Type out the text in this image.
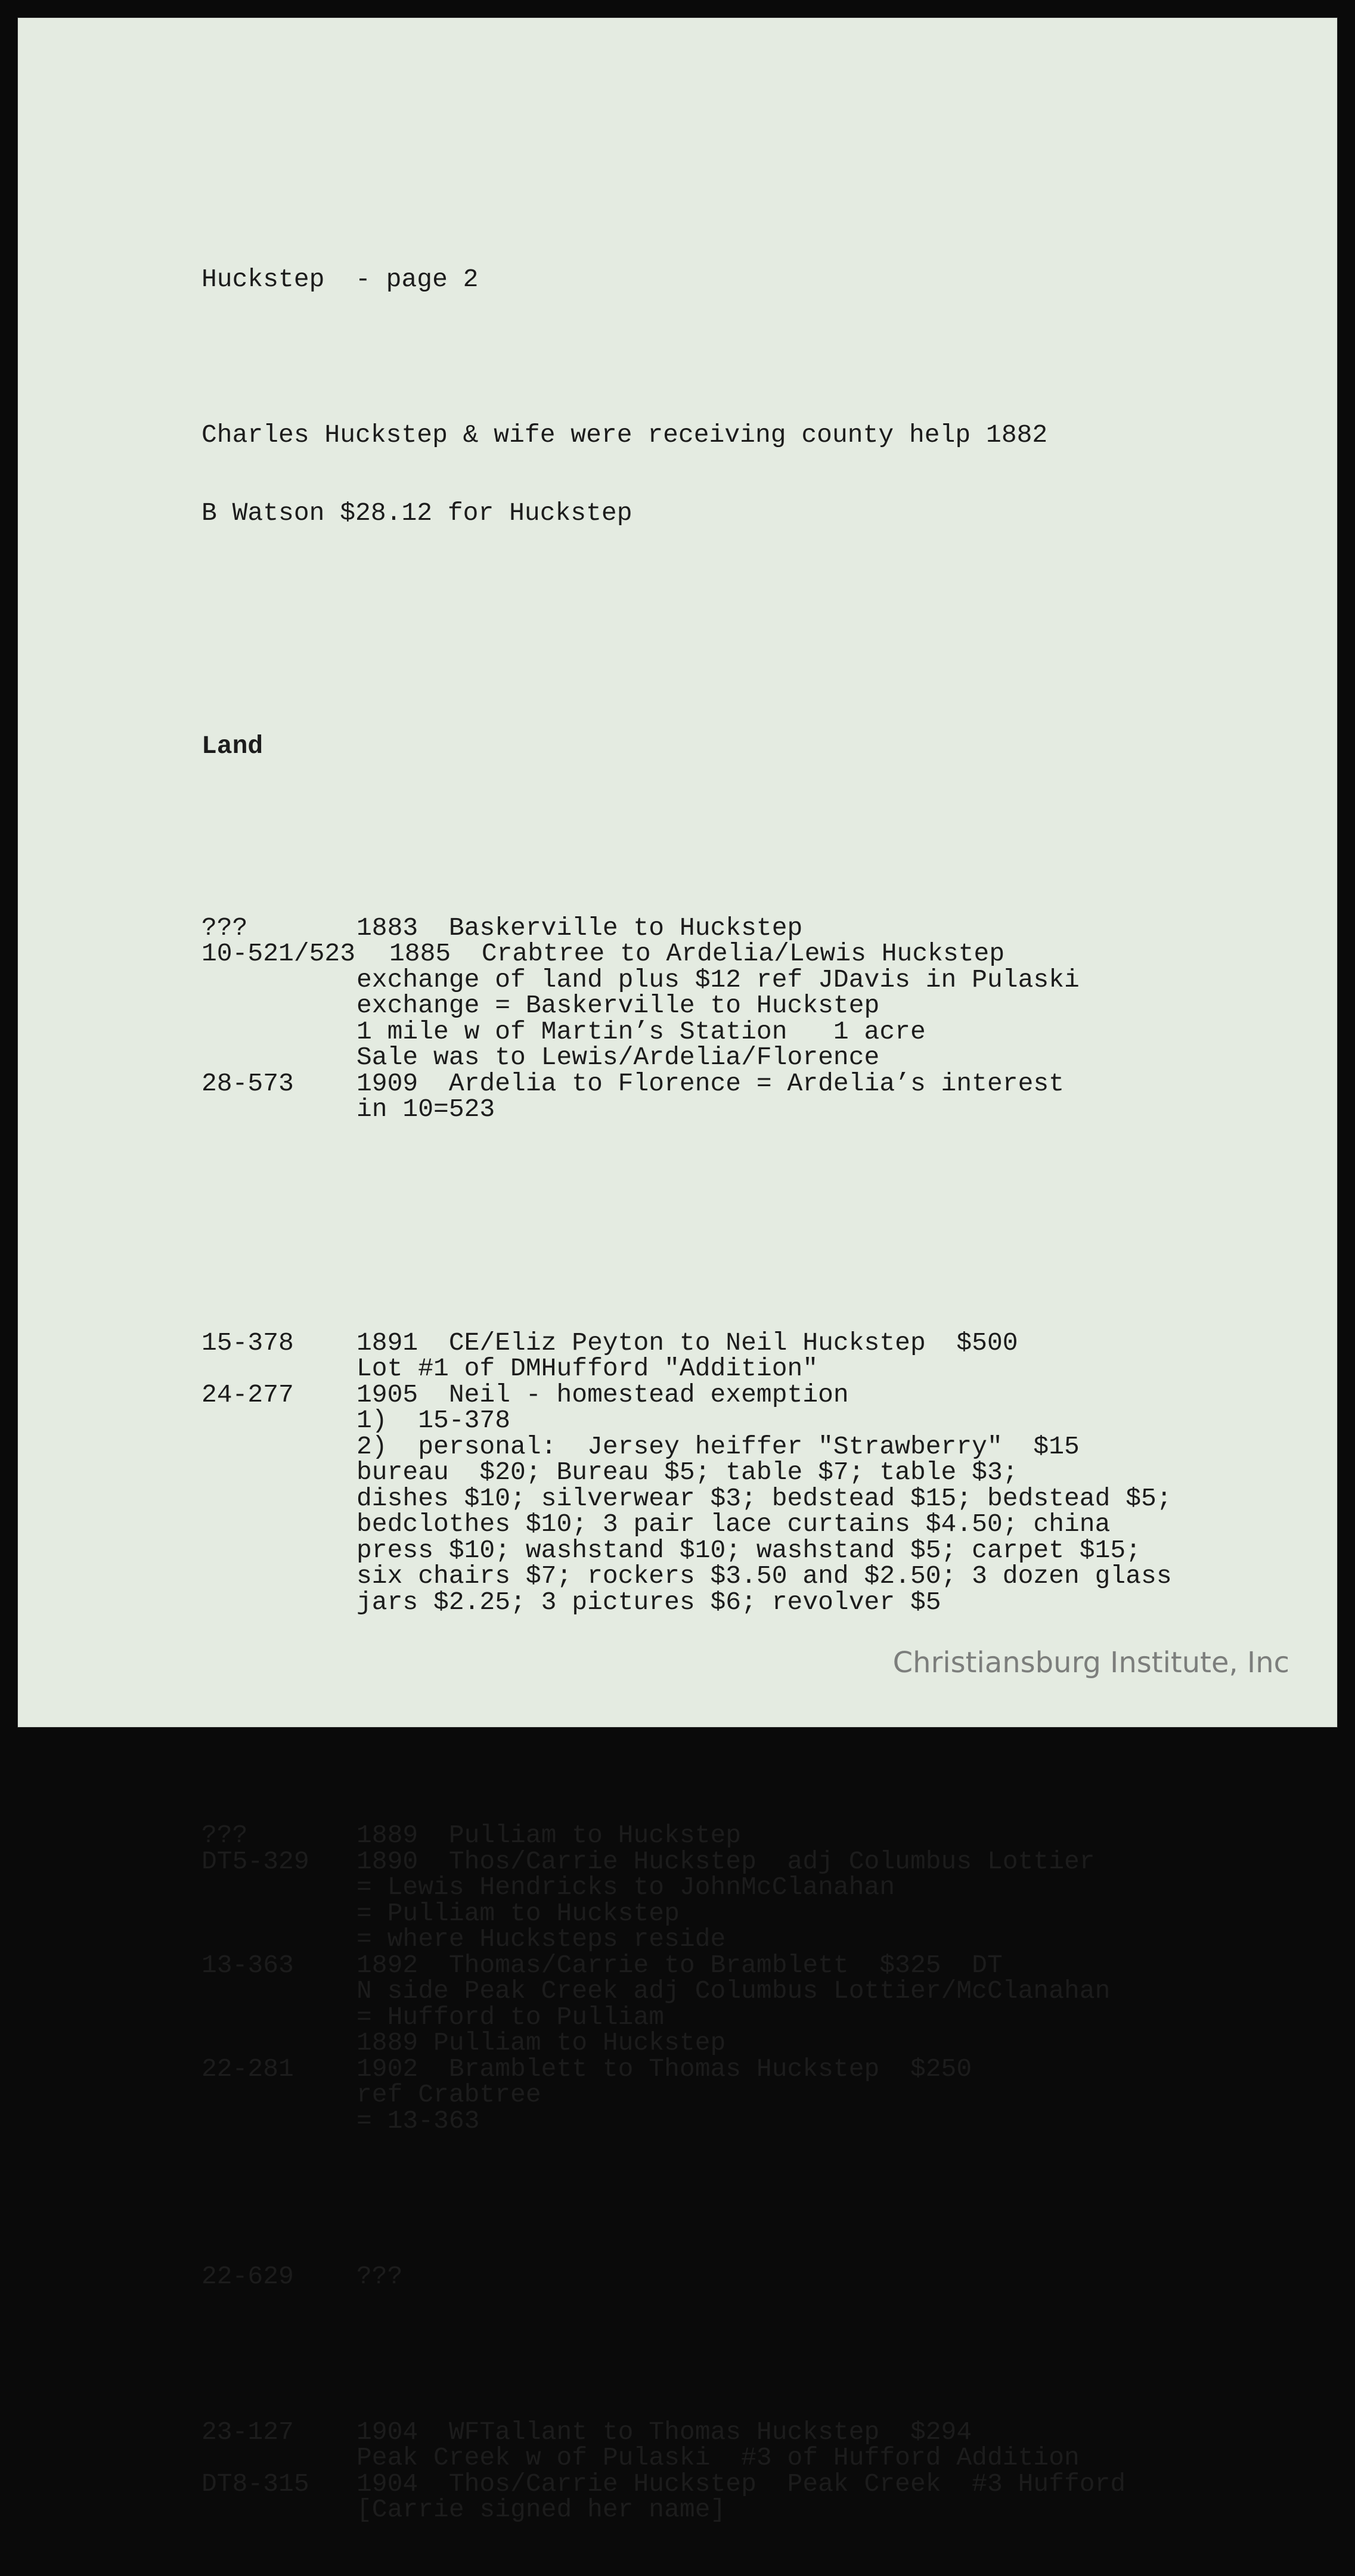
Huckstep  - page 2

Charles Huckstep & wife were receiving county help 1882

B Watson $28.12 for Huckstep

Land

???	1883  Baskerville to Huckstep
10-521/523	1885  Crabtree to Ardelia/Lewis Huckstep
exchange of land plus $12 ref JDavis in Pulaski
exchange = Baskerville to Huckstep
1 mile w of Martin’s Station   1 acre
Sale was to Lewis/Ardelia/Florence
28-573	1909  Ardelia to Florence = Ardelia’s interest
in 10=523

15-378	1891  CE/Eliz Peyton to Neil Huckstep  $500
Lot #1 of DMHufford "Addition"
24-277	1905  Neil - homestead exemption
1)  15-378
2)  personal:  Jersey heiffer "Strawberry"  $15
bureau  $20; Bureau $5; table $7; table $3;
dishes $10; silverwear $3; bedstead $15; bedstead $5;
bedclothes $10; 3 pair lace curtains $4.50; china
press $10; washstand $10; washstand $5; carpet $15;
six chairs $7; rockers $3.50 and $2.50; 3 dozen glass
jars $2.25; 3 pictures $6; revolver $5

???	1889  Pulliam to Huckstep
DT5-329	1890  Thos/Carrie Huckstep  adj Columbus Lottier
= Lewis Hendricks to JohnMcClanahan
= Pulliam to Huckstep
= where Hucksteps reside
13-363	1892  Thomas/Carrie to Bramblett  $325  DT
N side Peak Creek adj Columbus Lottier/McClanahan
= Hufford to Pulliam
1889 Pulliam to Huckstep
22-281	1902  Bramblett to Thomas Huckstep  $250
ref Crabtree
= 13-363

22-629	???

23-127	1904  WFTallant to Thomas Huckstep  $294
Peak Creek w of Pulaski  #3 of Hufford Addition
DT8-315	1904  Thos/Carrie Huckstep  Peak Creek  #3 Hufford
[Carrie signed her name]

Christiansburg Institute, Inc
